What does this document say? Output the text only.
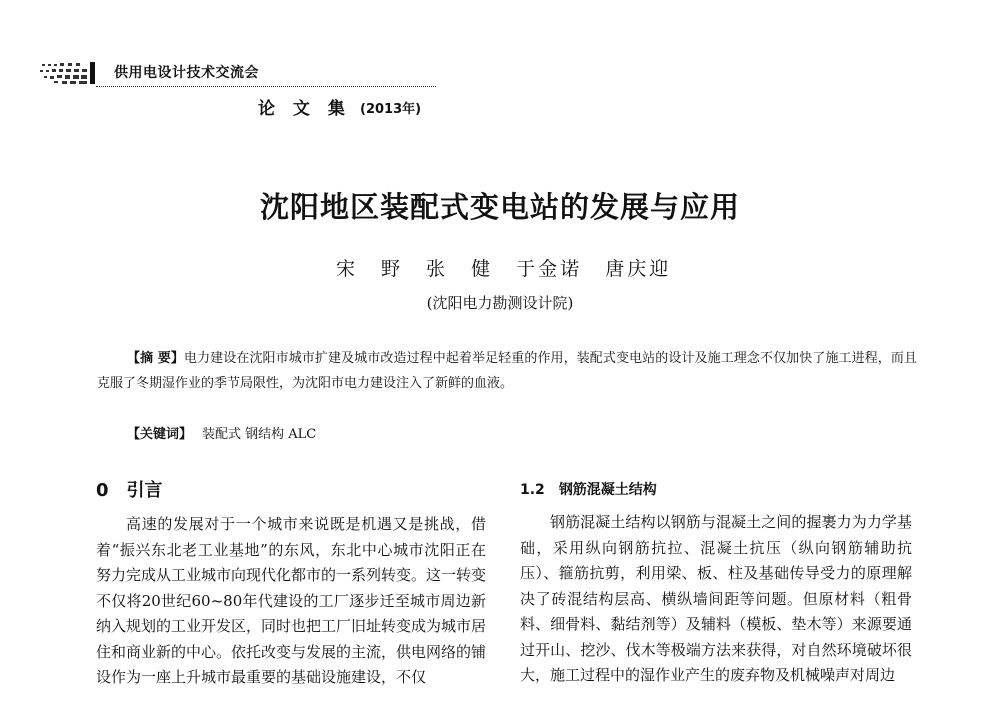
供用电设计技术交流会
论 文 集 (2013年)
沈阳地区装配式变电站的发展与应用
宋 野 张 健 于金诺 唐庆迎
(沈阳电力勘测设计院)
【摘 要】电力建设在沈阳市城市扩建及城市改造过程中起着举足轻重的作用，装配式变电站的设计及施工理念不仅加快了施工进程，而且克服了冬期湿作业的季节局限性，为沈阳市电力建设注入了新鲜的血液。
【关键词】 装配式 钢结构 ALC
0 引言

高速的发展对于一个城市来说既是机遇又是挑战，借着“振兴东北老工业基地”的东风，东北中心城市沈阳正在努力完成从工业城市向现代化都市的一系列转变。这一转变不仅将20世纪60~80年代建设的工厂逐步迁至城市周边新纳入规划的工业开发区，同时也把工厂旧址转变成为城市居住和商业新的中心。依托改变与发展的主流，供电网络的铺设作为一座上升城市最重要的基础设施建设，不仅

1.2 钢筋混凝土结构

钢筋混凝土结构以钢筋与混凝土之间的握裹力为力学基础，采用纵向钢筋抗拉、混凝土抗压（纵向钢筋辅助抗压）、箍筋抗剪，利用梁、板、柱及基础传导受力的原理解决了砖混结构层高、横纵墙间距等问题。但原材料（粗骨料、细骨料、黏结剂等）及辅料（模板、垫木等）来源要通过开山、挖沙、伐木等极端方法来获得，对自然环境破坏很大，施工过程中的湿作业产生的废弃物及机械噪声对周边
